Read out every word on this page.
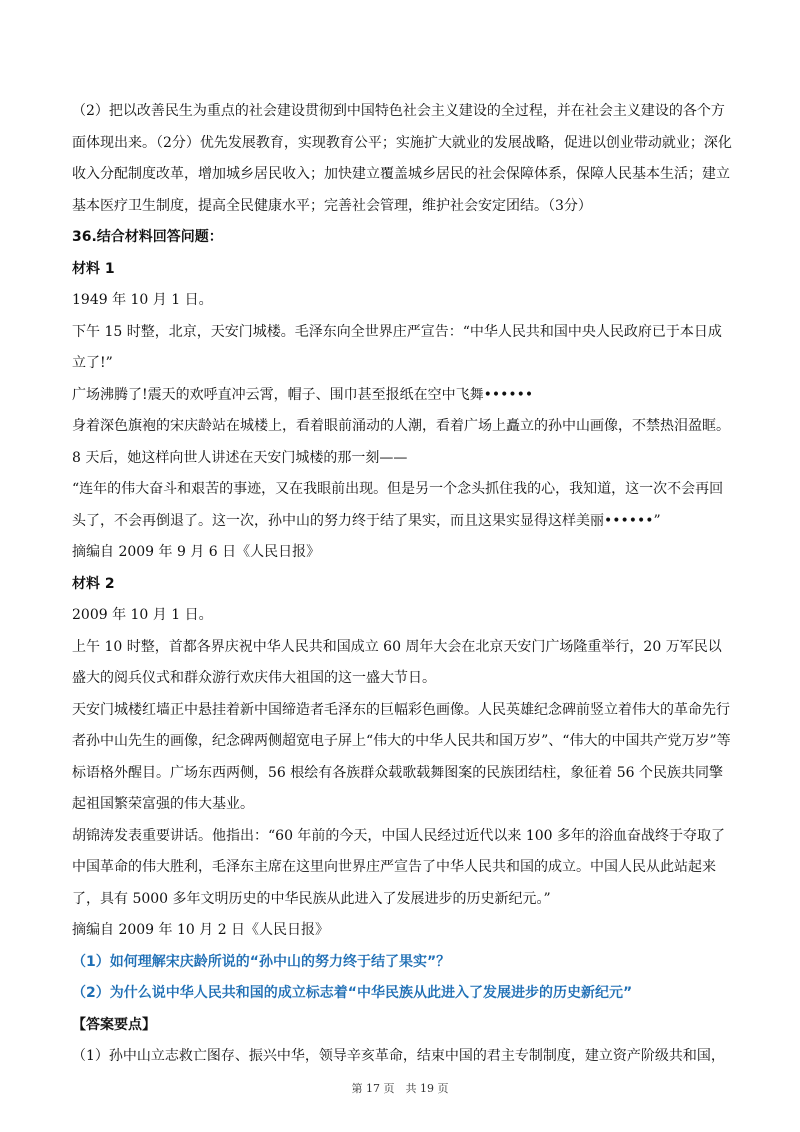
（2）把以改善民生为重点的社会建设贯彻到中国特色社会主义建设的全过程，并在社会主义建设的各个方面体现出来。（2分）优先发展教育，实现教育公平；实施扩大就业的发展战略，促进以创业带动就业；深化收入分配制度改革，增加城乡居民收入；加快建立覆盖城乡居民的社会保障体系，保障人民基本生活；建立基本医疗卫生制度，提高全民健康水平；完善社会管理，维护社会安定团结。（3分）

36.结合材料回答问题：

材料 1

1949 年 10 月 1 日。

下午 15 时整，北京，天安门城楼。毛泽东向全世界庄严宣告：“中华人民共和国中央人民政府已于本日成立了!”

广场沸腾了!震天的欢呼直冲云霄，帽子、围巾甚至报纸在空中飞舞••••••

身着深色旗袍的宋庆龄站在城楼上，看着眼前涌动的人潮，看着广场上矗立的孙中山画像，不禁热泪盈眶。8 天后，她这样向世人讲述在天安门城楼的那一刻——

“连年的伟大奋斗和艰苦的事迹，又在我眼前出现。但是另一个念头抓住我的心，我知道，这一次不会再回头了，不会再倒退了。这一次，孙中山的努力终于结了果实，而且这果实显得这样美丽••••••”

摘编自 2009 年 9 月 6 日《人民日报》

材料 2

2009 年 10 月 1 日。

上午 10 时整，首都各界庆祝中华人民共和国成立 60 周年大会在北京天安门广场隆重举行，20 万军民以盛大的阅兵仪式和群众游行欢庆伟大祖国的这一盛大节日。

天安门城楼红墙正中悬挂着新中国缔造者毛泽东的巨幅彩色画像。人民英雄纪念碑前竖立着伟大的革命先行者孙中山先生的画像，纪念碑两侧超宽电子屏上“伟大的中华人民共和国万岁”、“伟大的中国共产党万岁”等标语格外醒目。广场东西两侧，56 根绘有各族群众载歌载舞图案的民族团结柱，象征着 56 个民族共同擎起祖国繁荣富强的伟大基业。

胡锦涛发表重要讲话。他指出：“60 年前的今天，中国人民经过近代以来 100 多年的浴血奋战终于夺取了中国革命的伟大胜利，毛泽东主席在这里向世界庄严宣告了中华人民共和国的成立。中国人民从此站起来了，具有 5000 多年文明历史的中华民族从此进入了发展进步的历史新纪元。”

摘编自 2009 年 10 月 2 日《人民日报》

（1）如何理解宋庆龄所说的“孙中山的努力终于结了果实”？

（2）为什么说中华人民共和国的成立标志着“中华民族从此进入了发展进步的历史新纪元”

【答案要点】

（1）孙中山立志救亡图存、振兴中华，领导辛亥革命，结束中国的君主专制制度，建立资产阶级共和国，

第 17 页　共 19 页
